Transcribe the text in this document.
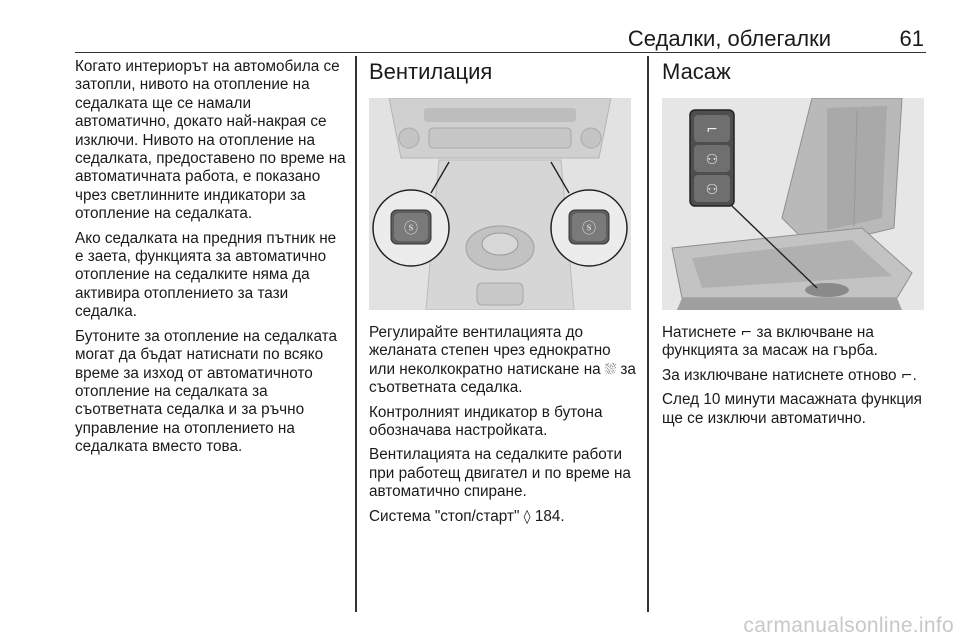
Седалки, облегалки	61

Когато интериорът на автомобила се затопли, нивото на отопление на седалката ще се намали автоматично, докато най-накрая се изключи. Нивото на отопление на седалката, предоставено по време на автоматичната работа, е показано чрез светлинните индикатори за отопление на седалката.

Ако седалката на предния пътник не е заета, функцията за автоматично отопление на седалките няма да активира отоплението за тази седалка.

Бутоните за отопление на седалката могат да бъдат натиснати по всяко време за изход от автоматичното отопление на седалката за съответната седалка и за ръчно управление на отоплението на седалката вместо това.

Вентилация
ⓢ	ⓢ

Регулирайте вентилацията до желаната степен чрез еднократно или неколкократно натискане на ⛆ за съответната седалка.

Контролният индикатор в бутона обозначава настройката.

Вентилацията на седалките работи при работещ двигател и по време на автоматично спиране.

Система "стоп/старт" ◊ 184.

Масаж
⌐
⚇
⚇

Натиснете ⌐ за включване на функцията за масаж на гърба.

За изключване натиснете отново ⌐.

След 10 минути масажната функция ще се изключи автоматично.

carmanualsonline.info
